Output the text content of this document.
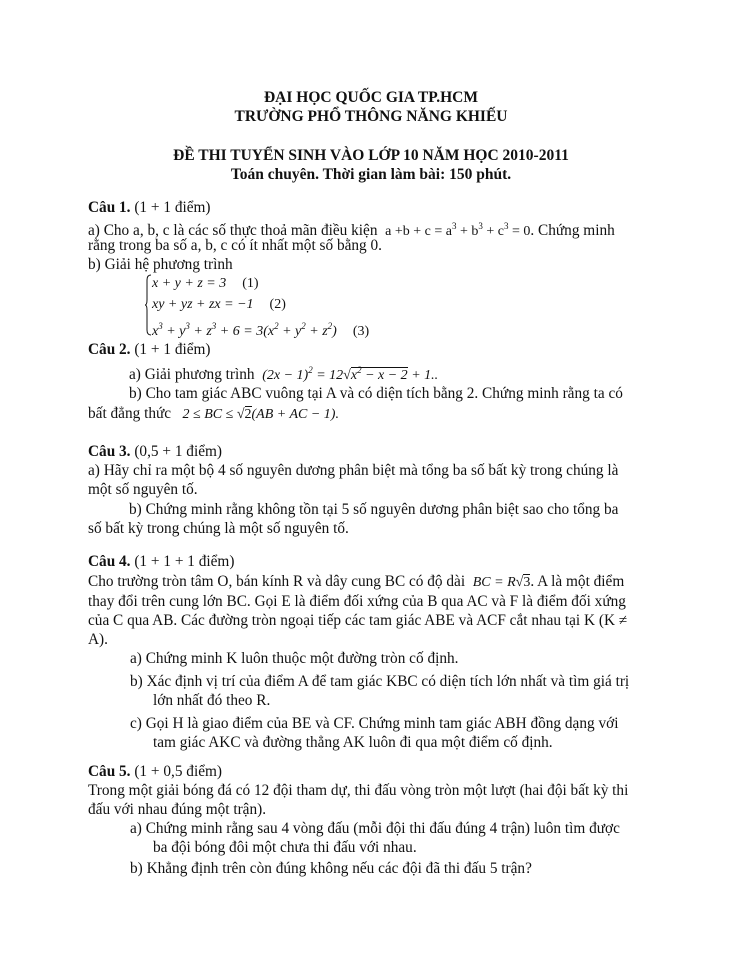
ĐẠI HỌC QUỐC GIA TP.HCM
TRƯỜNG PHỔ THÔNG NĂNG KHIẾU
ĐỀ THI TUYỂN SINH VÀO LỚP 10 NĂM HỌC 2010-2011
Toán chuyên. Thời gian làm bài: 150 phút.
Câu 1. (1 + 1 điểm)
a) Cho a, b, c là các số thực thoả mãn điều kiện $a +b + c = a^3 + b^3 + c^3 = 0$. Chứng minh
rằng trong ba số a, b, c có ít nhất một số bằng 0.
b) Giải hệ phương trình
x + y + z = 3 (1)
xy + yz + zx = −1 (2)
$x^3 + y^3 + z^3 + 6 = 3(x^2 + y^2 + z^2)$ (3)
Câu 2. (1 + 1 điểm)
a) Giải phương trình $(2x - 1)^2 = 12√x^2 - x - 2 + 1$..
b) Cho tam giác ABC vuông tại A và có diện tích bằng 2. Chứng minh rằng ta có
bất đẳng thức 2 ≤ BC ≤ √2(AB + AC − 1).
Câu 3. (0,5 + 1 điểm)
a) Hãy chỉ ra một bộ 4 số nguyên dương phân biệt mà tổng ba số bất kỳ trong chúng là
một số nguyên tố.
b) Chứng minh rằng không tồn tại 5 số nguyên dương phân biệt sao cho tổng ba
số bất kỳ trong chúng là một số nguyên tố.
Câu 4. (1 + 1 + 1 điểm)
Cho trường tròn tâm O, bán kính R và dây cung BC có độ dài BC = R√3. A là một điểm
thay đổi trên cung lớn BC. Gọi E là điểm đối xứng của B qua AC và F là điểm đối xứng
của C qua AB. Các đường tròn ngoại tiếp các tam giác ABE và ACF cắt nhau tại K (K ≠
A).
a) Chứng minh K luôn thuộc một đường tròn cố định.
b) Xác định vị trí của điểm A để tam giác KBC có diện tích lớn nhất và tìm giá trị
lớn nhất đó theo R.
c) Gọi H là giao điểm của BE và CF. Chứng minh tam giác ABH đồng dạng với
tam giác AKC và đường thẳng AK luôn đi qua một điểm cố định.
Câu 5. (1 + 0,5 điểm)
Trong một giải bóng đá có 12 đội tham dự, thi đấu vòng tròn một lượt (hai đội bất kỳ thi
đấu với nhau đúng một trận).
a) Chứng minh rằng sau 4 vòng đấu (mỗi đội thi đấu đúng 4 trận) luôn tìm được
ba đội bóng đôi một chưa thi đấu với nhau.
b) Khẳng định trên còn đúng không nếu các đội đã thi đấu 5 trận?
